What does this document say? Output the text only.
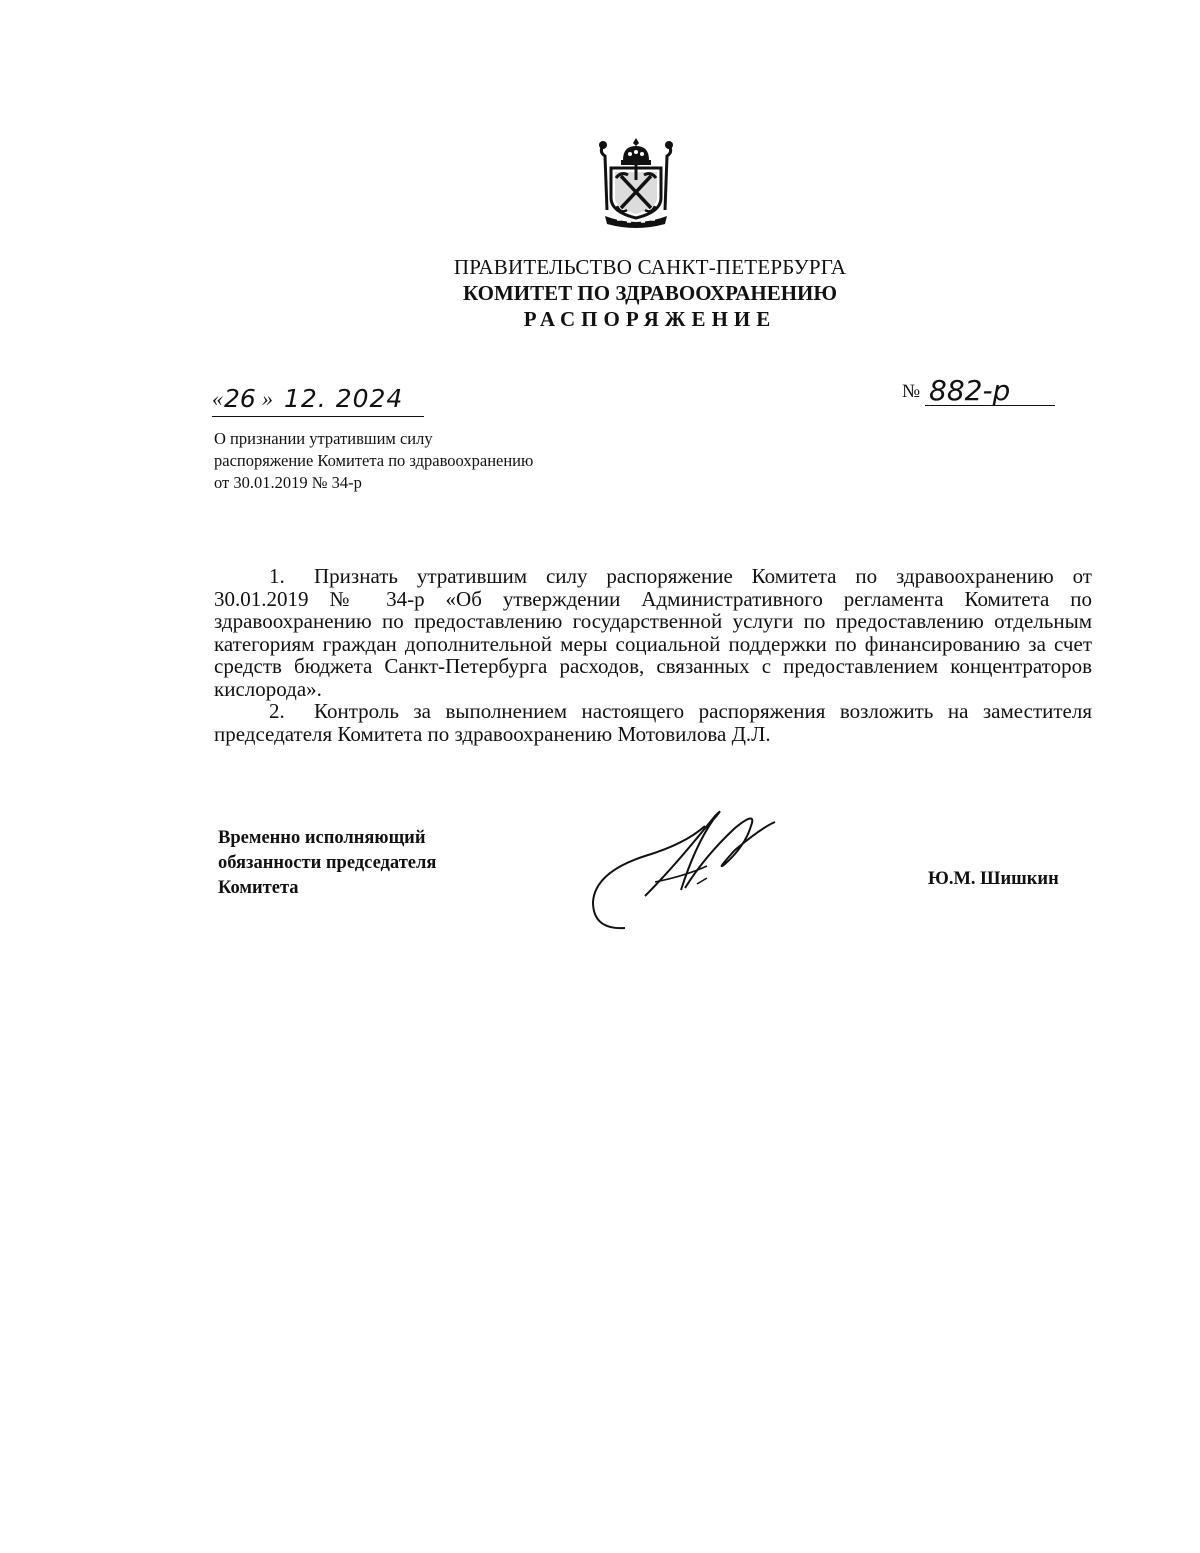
ПРАВИТЕЛЬСТВО САНКТ-ПЕТЕРБУРГА
КОМИТЕТ ПО ЗДРАВООХРАНЕНИЮ
РАСПОРЯЖЕНИЕ
« 26 » 12. 2024	№ 882-р
О признании утратившим силу
распоряжение Комитета по здравоохранению
от 30.01.2019 № 34-р

1. Признать утратившим силу распоряжение Комитета по здравоохранению от 30.01.2019 № 34-р «Об утверждении Административного регламента Комитета по здравоохранению по предоставлению государственной услуги по предоставлению отдельным категориям граждан дополнительной меры социальной поддержки по финансированию за счет средств бюджета Санкт-Петербурга расходов, связанных с предоставлением концентраторов кислорода».

2. Контроль за выполнением настоящего распоряжения возложить на заместителя председателя Комитета по здравоохранению Мотовилова Д.Л.

Временно исполняющий
обязанности председателя
Комитета	Ю.М. Шишкин
